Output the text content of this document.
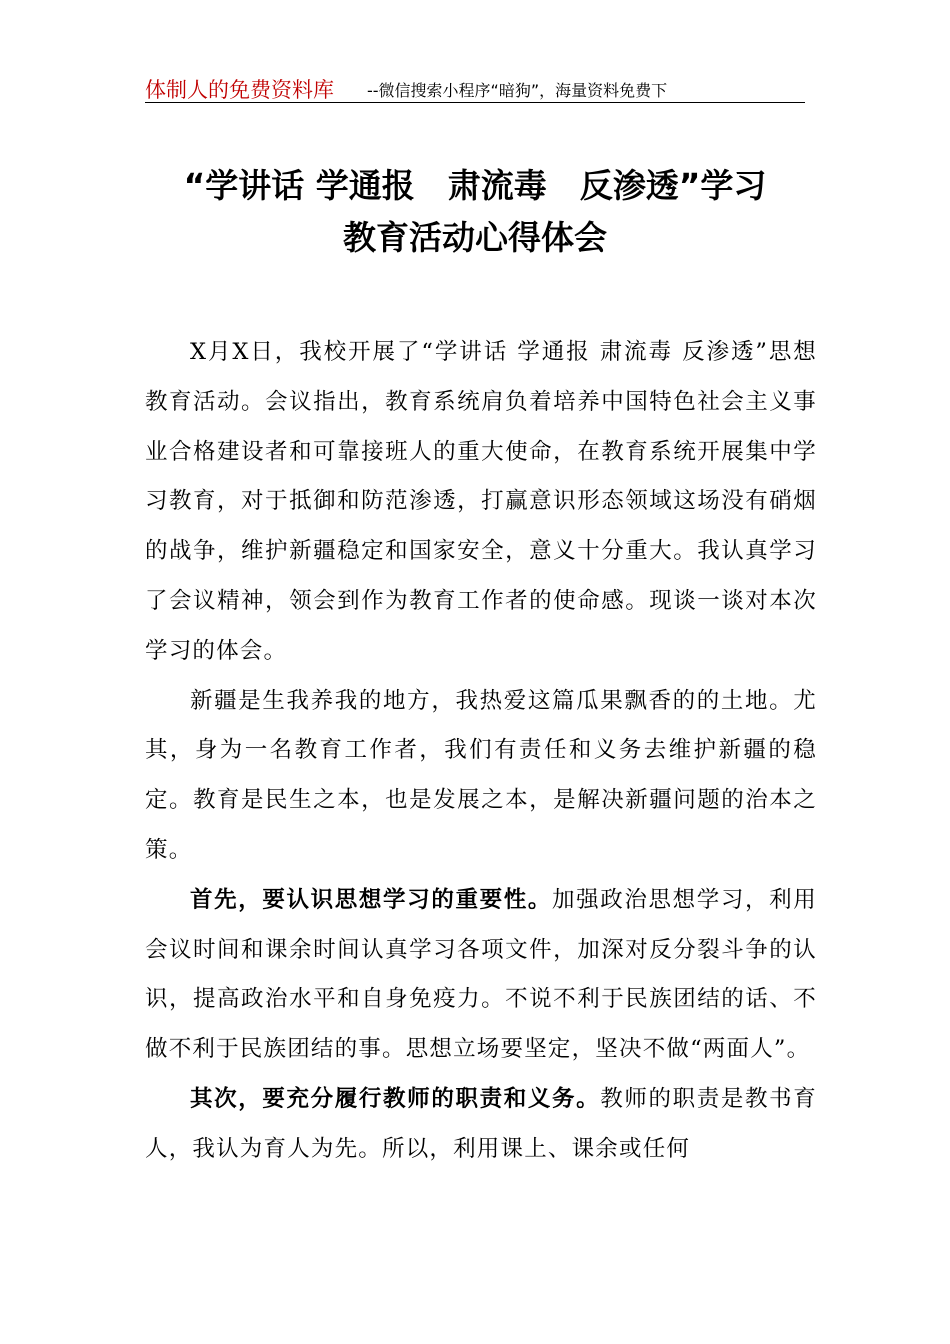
体制人的免费资料库 --微信搜索小程序“暗狗”，海量资料免费下
“学讲话 学通报　肃流毒　反渗透”学习
教育活动心得体会

X月X日，我校开展了“学讲话 学通报 肃流毒 反渗透”思想教育活动。会议指出，教育系统肩负着培养中国特色社会主义事业合格建设者和可靠接班人的重大使命，在教育系统开展集中学习教育，对于抵御和防范渗透，打赢意识形态领域这场没有硝烟的战争，维护新疆稳定和国家安全，意义十分重大。我认真学习了会议精神，领会到作为教育工作者的使命感。现谈一谈对本次学习的体会。

新疆是生我养我的地方，我热爱这篇瓜果飘香的的土地。尤其，身为一名教育工作者，我们有责任和义务去维护新疆的稳定。教育是民生之本，也是发展之本，是解决新疆问题的治本之策。

首先，要认识思想学习的重要性。加强政治思想学习，利用会议时间和课余时间认真学习各项文件，加深对反分裂斗争的认识，提高政治水平和自身免疫力。不说不利于民族团结的话、不做不利于民族团结的事。思想立场要坚定，坚决不做“两面人”。

其次，要充分履行教师的职责和义务。教师的职责是教书育人，我认为育人为先。所以，利用课上、课余或任何
